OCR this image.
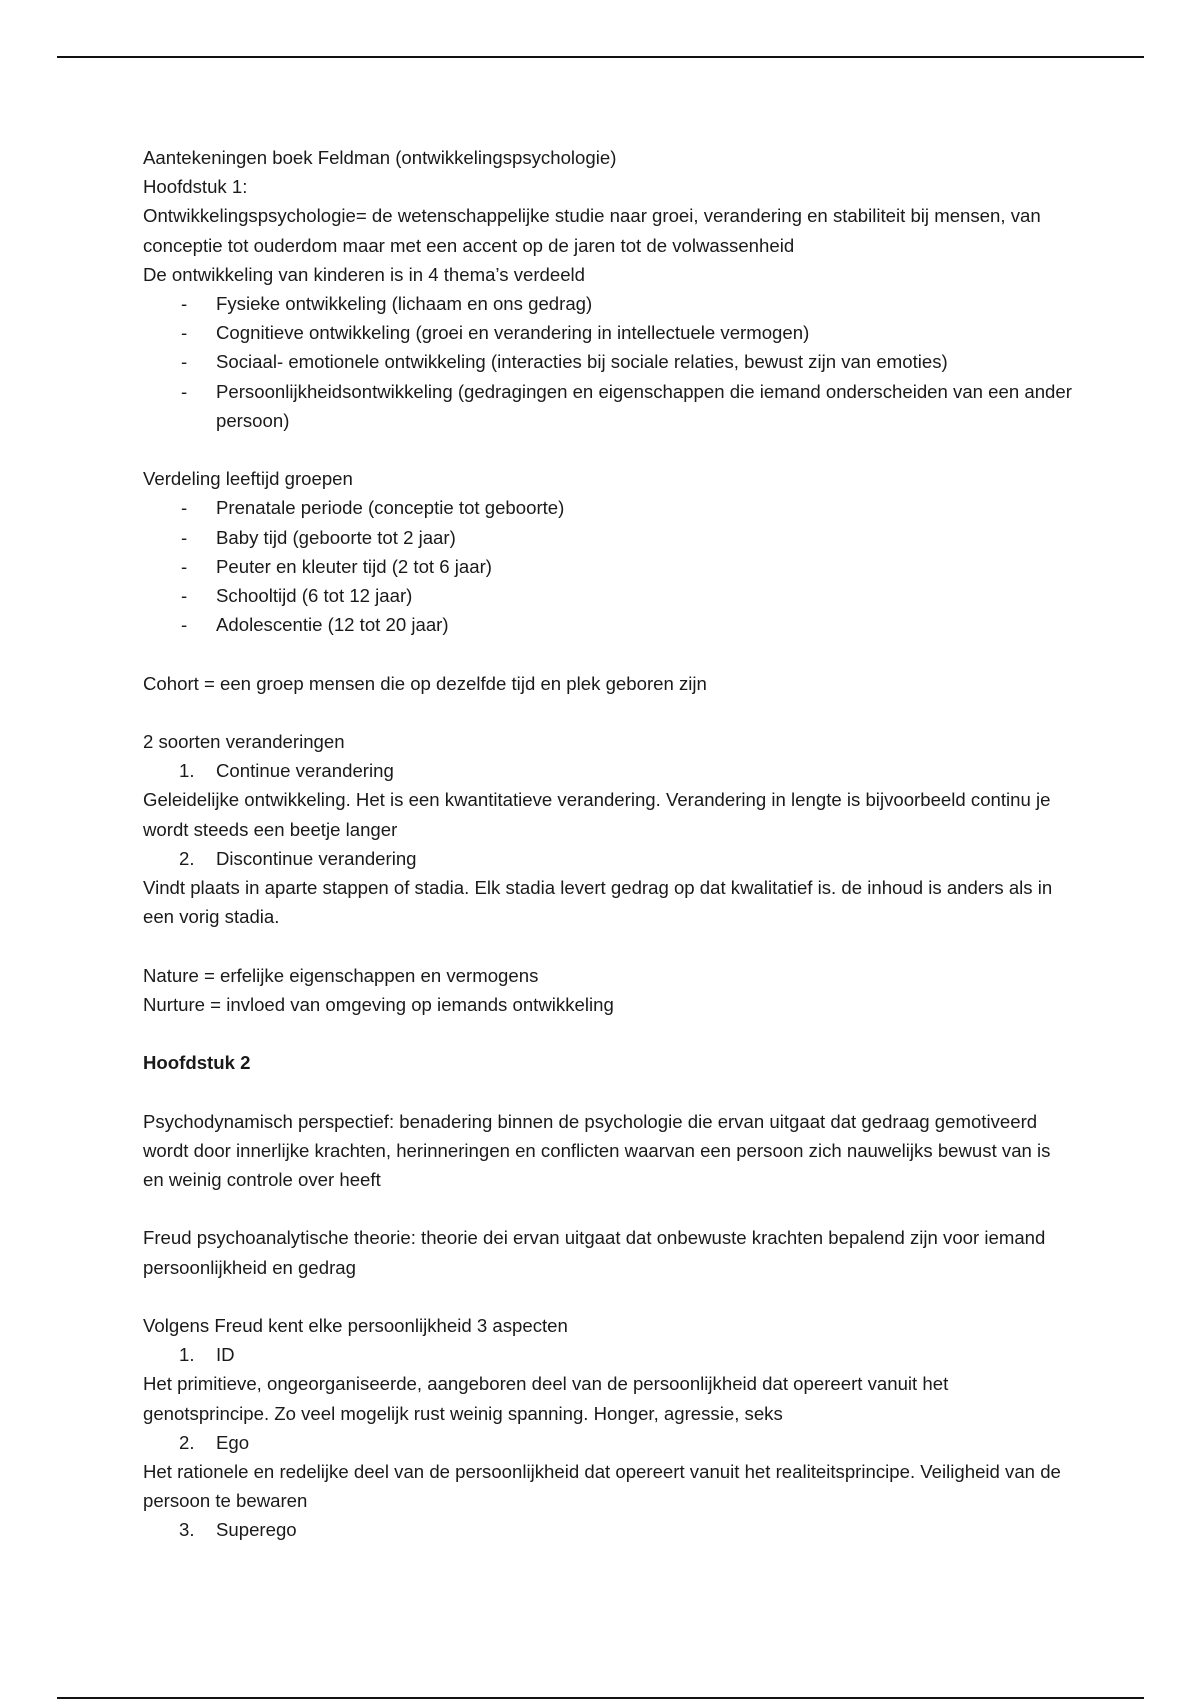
Aantekeningen boek Feldman (ontwikkelingspsychologie)

Hoofdstuk 1:

Ontwikkelingspsychologie= de wetenschappelijke studie naar groei, verandering en stabiliteit bij mensen, van conceptie tot ouderdom maar met een accent op de jaren tot de volwassenheid

De ontwikkeling van kinderen is in 4 thema’s verdeeld

- Fysieke ontwikkeling (lichaam en ons gedrag)
- Cognitieve ontwikkeling (groei en verandering in intellectuele vermogen)
- Sociaal- emotionele ontwikkeling (interacties bij sociale relaties, bewust zijn van emoties)
- Persoonlijkheidsontwikkeling (gedragingen en eigenschappen die iemand onderscheiden van een ander persoon)

Verdeling leeftijd groepen

- Prenatale periode (conceptie tot geboorte)
- Baby tijd (geboorte tot 2 jaar)
- Peuter en kleuter tijd (2 tot 6 jaar)
- Schooltijd (6 tot 12 jaar)
- Adolescentie (12 tot 20 jaar)

Cohort = een groep mensen die op dezelfde tijd en plek geboren zijn

2 soorten veranderingen

1. Continue verandering

Geleidelijke ontwikkeling. Het is een kwantitatieve verandering. Verandering in lengte is bijvoorbeeld continu je wordt steeds een beetje langer

2. Discontinue verandering

Vindt plaats in aparte stappen of stadia. Elk stadia levert gedrag op dat kwalitatief is. de inhoud is anders als in een vorig stadia.

Nature = erfelijke eigenschappen en vermogens

Nurture = invloed van omgeving op iemands ontwikkeling

Hoofdstuk 2

Psychodynamisch perspectief: benadering binnen de psychologie die ervan uitgaat dat gedraag gemotiveerd wordt door innerlijke krachten, herinneringen en conflicten waarvan een persoon zich nauwelijks bewust van is en weinig controle over heeft

Freud psychoanalytische theorie: theorie dei ervan uitgaat dat onbewuste krachten bepalend zijn voor iemand persoonlijkheid en gedrag

Volgens Freud kent elke persoonlijkheid 3 aspecten

1. ID

Het primitieve, ongeorganiseerde, aangeboren deel van de persoonlijkheid dat opereert vanuit het genotsprincipe. Zo veel mogelijk rust weinig spanning. Honger, agressie, seks

2. Ego

Het rationele en redelijke deel van de persoonlijkheid dat opereert vanuit het realiteitsprincipe. Veiligheid van de persoon te bewaren

3. Superego
